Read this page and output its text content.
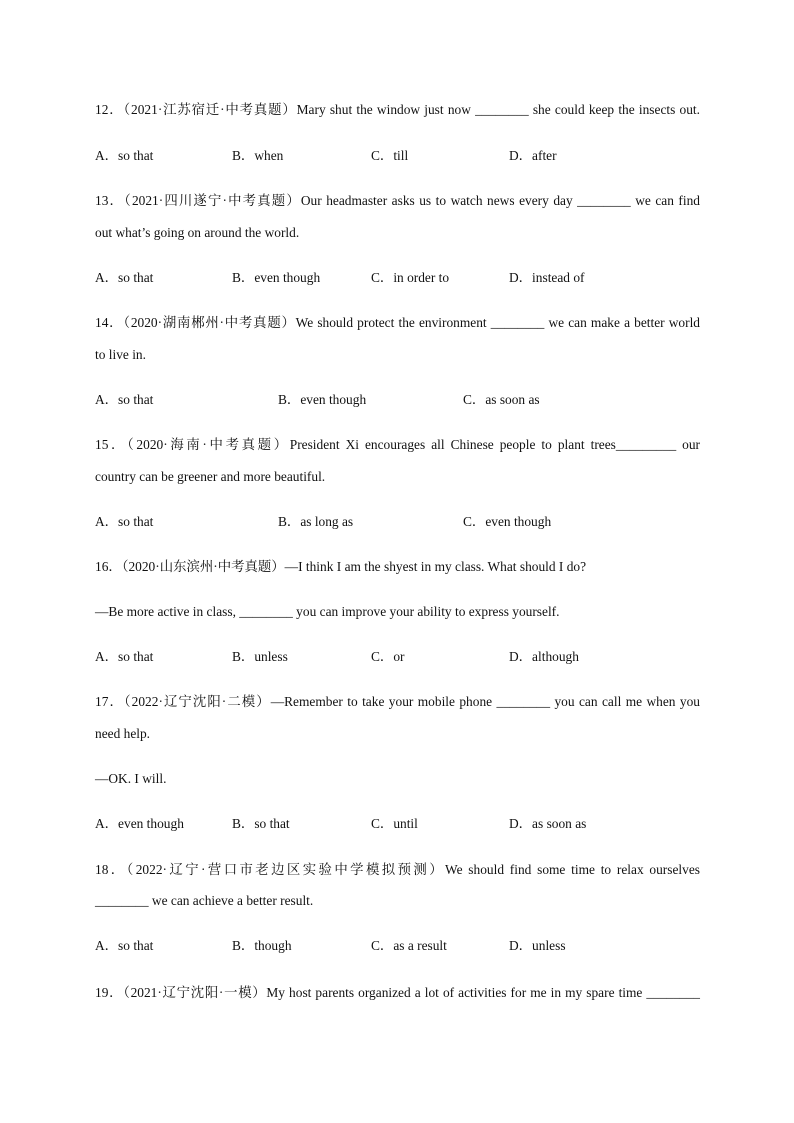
12．（2021·江苏宿迁·中考真题）Mary shut the window just now ________ she could keep the insects out.
A．so that	B．when	C．till	D．after
13．（2021·四川遂宁·中考真题）Our headmaster asks us to watch news every day ________ we can find
out what’s going on around the world.
A．so that	B．even though	C．in order to	D．instead of
14．（2020·湖南郴州·中考真题）We should protect the environment ________ we can make a better world
to live in.
A．so that	B．even though	C．as soon as
15．（2020·海南·中考真题）President Xi encourages all Chinese people to plant trees_________ our
country can be greener and more beautiful.
A．so that	B．as long as	C．even though
16．（2020·山东滨州·中考真题）—I think I am the shyest in my class. What should I do?
—Be more active in class, ________ you can improve your ability to express yourself.
A．so that	B．unless	C．or	D．although
17．（2022·辽宁沈阳·二模）—Remember to take your mobile phone ________ you can call me when you
need help.
—OK. I will.
A．even though	B．so that	C．until	D．as soon as
18．（2022·辽宁·营口市老边区实验中学模拟预测）We should find some time to relax ourselves
________ we can achieve a better result.
A．so that	B．though	C．as a result	D．unless
19．（2021·辽宁沈阳·一模）My host parents organized a lot of activities for me in my spare time ________
